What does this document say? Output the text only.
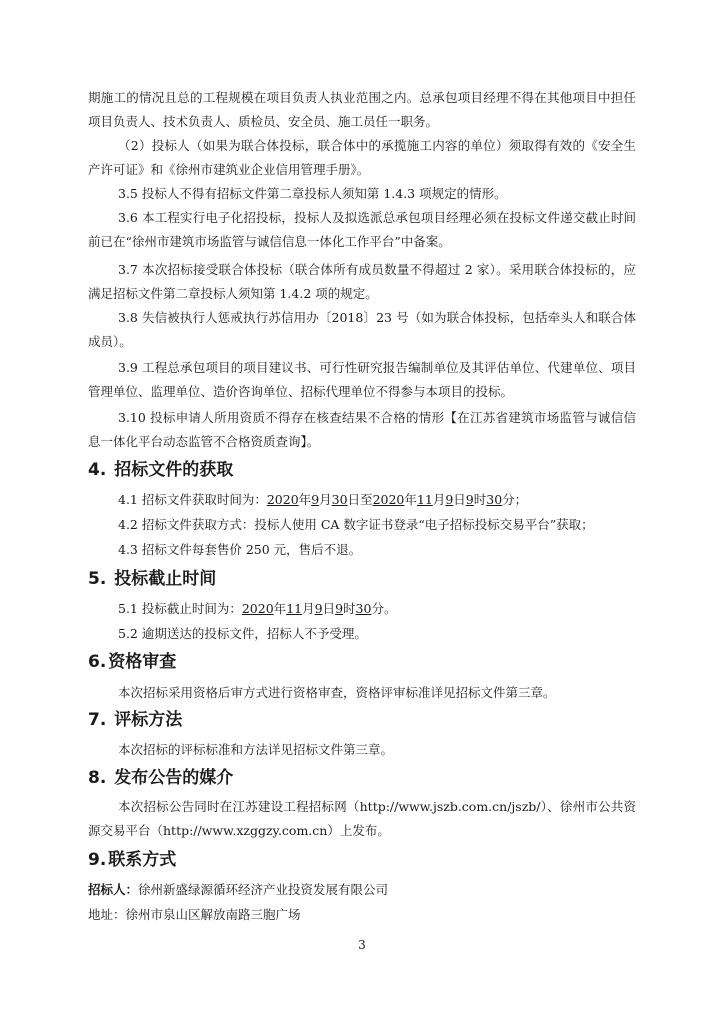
期施工的情况且总的工程规模在项目负责人执业范围之内。总承包项目经理不得在其他项目中担任项目负责人、技术负责人、质检员、安全员、施工员任一职务。

（2）投标人（如果为联合体投标，联合体中的承揽施工内容的单位）须取得有效的《安全生产许可证》和《徐州市建筑业企业信用管理手册》。

3.5 投标人不得有招标文件第二章投标人须知第 1.4.3 项规定的情形。

3.6 本工程实行电子化招投标，投标人及拟选派总承包项目经理必须在投标文件递交截止时间前已在“徐州市建筑市场监管与诚信信息一体化工作平台”中备案。

3.7 本次招标接受联合体投标（联合体所有成员数量不得超过 2 家）。采用联合体投标的，应满足招标文件第二章投标人须知第 1.4.2 项的规定。

3.8 失信被执行人惩戒执行苏信用办〔2018〕23 号（如为联合体投标，包括牵头人和联合体成员）。

3.9 工程总承包项目的项目建议书、可行性研究报告编制单位及其评估单位、代建单位、项目管理单位、监理单位、造价咨询单位、招标代理单位不得参与本项目的投标。

3.10 投标申请人所用资质不得存在核查结果不合格的情形【在江苏省建筑市场监管与诚信信息一体化平台动态监管不合格资质查询】。

4. 招标文件的获取

4.1 招标文件获取时间为：2020年9月30日至2020年11月9日9时30分；

4.2 招标文件获取方式：投标人使用 CA 数字证书登录“电子招标投标交易平台”获取；

4.3 招标文件每套售价 250 元，售后不退。

5. 投标截止时间

5.1 投标截止时间为：2020年11月9日9时30分。

5.2 逾期送达的投标文件，招标人不予受理。

6. 资格审查

本次招标采用资格后审方式进行资格审查，资格评审标准详见招标文件第三章。

7. 评标方法

本次招标的评标标准和方法详见招标文件第三章。

8. 发布公告的媒介

本次招标公告同时在江苏建设工程招标网（http://www.jszb.com.cn/jszb/）、徐州市公共资源交易平台（http://www.xzggzy.com.cn）上发布。

9. 联系方式

招标人：徐州新盛绿源循环经济产业投资发展有限公司

地址：徐州市泉山区解放南路三胞广场

3
